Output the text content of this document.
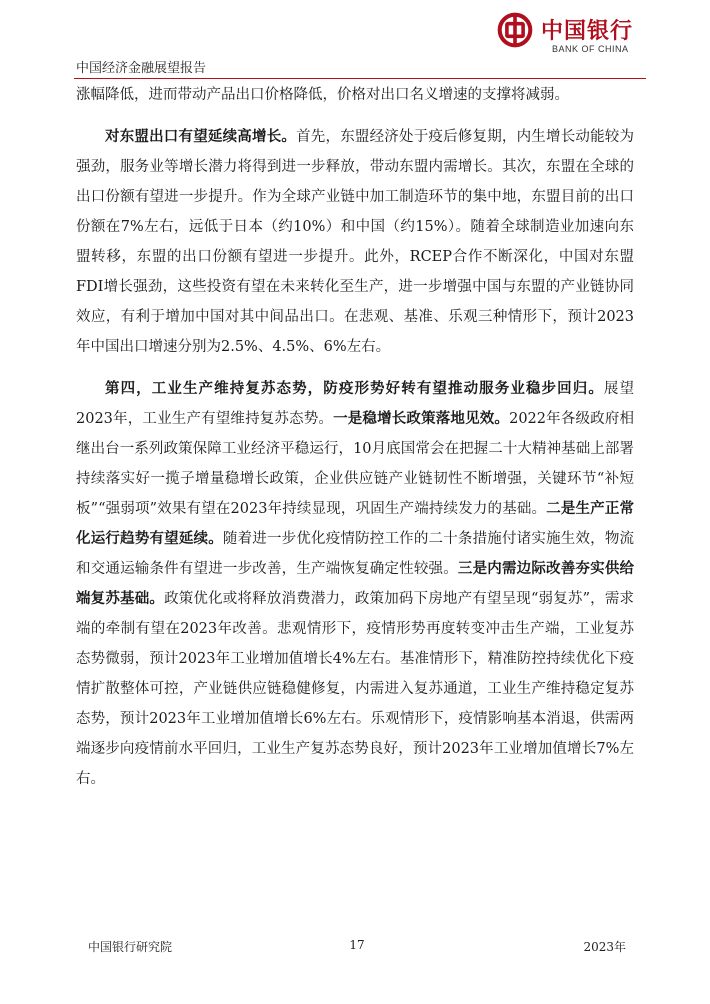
中国经济金融展望报告
中国银行
BANK OF CHINA

涨幅降低，进而带动产品出口价格降低，价格对出口名义增速的支撑将减弱。

对东盟出口有望延续高增长。首先，东盟经济处于疫后修复期，内生增长动能较为强劲，服务业等增长潜力将得到进一步释放，带动东盟内需增长。其次，东盟在全球的出口份额有望进一步提升。作为全球产业链中加工制造环节的集中地，东盟目前的出口份额在7%左右，远低于日本（约10%）和中国（约15%）。随着全球制造业加速向东盟转移，东盟的出口份额有望进一步提升。此外，RCEP合作不断深化，中国对东盟FDI增长强劲，这些投资有望在未来转化至生产，进一步增强中国与东盟的产业链协同效应，有利于增加中国对其中间品出口。在悲观、基准、乐观三种情形下，预计2023年中国出口增速分别为2.5%、4.5%、6%左右。

第四，工业生产维持复苏态势，防疫形势好转有望推动服务业稳步回归。展望2023年，工业生产有望维持复苏态势。一是稳增长政策落地见效。2022年各级政府相继出台一系列政策保障工业经济平稳运行，10月底国常会在把握二十大精神基础上部署持续落实好一揽子增量稳增长政策，企业供应链产业链韧性不断增强，关键环节“补短板”“强弱项”效果有望在2023年持续显现，巩固生产端持续发力的基础。二是生产正常化运行趋势有望延续。随着进一步优化疫情防控工作的二十条措施付诸实施生效，物流和交通运输条件有望进一步改善，生产端恢复确定性较强。三是内需边际改善夯实供给端复苏基础。政策优化或将释放消费潜力，政策加码下房地产有望呈现“弱复苏”，需求端的牵制有望在2023年改善。悲观情形下，疫情形势再度转变冲击生产端，工业复苏态势微弱，预计2023年工业增加值增长4%左右。基准情形下，精准防控持续优化下疫情扩散整体可控，产业链供应链稳健修复，内需进入复苏通道，工业生产维持稳定复苏态势，预计2023年工业增加值增长6%左右。乐观情形下，疫情影响基本消退，供需两端逐步向疫情前水平回归，工业生产复苏态势良好，预计2023年工业增加值增长7%左右。

中国银行研究院	17	2023年
